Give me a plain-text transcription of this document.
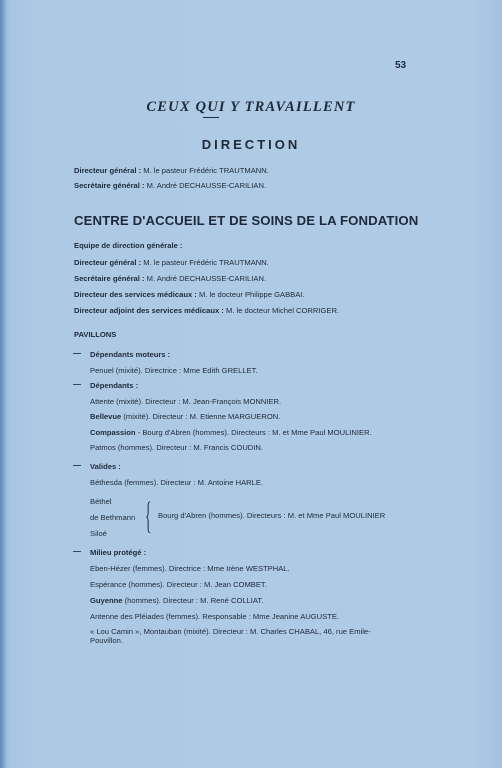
53
CEUX QUI Y TRAVAILLENT
DIRECTION
Directeur général : M. le pasteur Frédéric TRAUTMANN.
Secrétaire général : M. André DECHAUSSE-CARILIAN.
CENTRE D'ACCUEIL ET DE SOINS DE LA FONDATION
Equipe de direction générale :
Directeur général : M. le pasteur Frédéric TRAUTMANN.
Secrétaire général : M. André DECHAUSSE-CARILIAN.
Directeur des services médicaux : M. le docteur Philippe GABBAI.
Directeur adjoint des services médicaux : M. le docteur Michel CORRIGER.
PAVILLONS
— Dépendants moteurs :
Penuel (mixité). Directrice : Mme Edith GRELLET.
— Dépendants :
Attente (mixité). Directeur : M. Jean-François MONNIER.
Bellevue (mixité). Directeur : M. Etienne MARGUERON.
Compassion - Bourg d'Abren (hommes). Directeurs : M. et Mme Paul MOULINIER.
Patmos (hommes). Directeur : M. Francis COUDIN.
— Valides :
Béthesda (femmes). Directeur : M. Antoine HARLE.
Béthel
de Bethmann
Siloé { Bourg d'Abren (hommes). Directeurs : M. et Mme Paul MOULINIER
— Milieu protégé :
Eben-Hézer (femmes). Directrice : Mme Irène WESTPHAL.
Espérance (hommes). Directeur : M. Jean COMBET.
Guyenne (hommes). Directeur : M. René COLLIAT.
Antenne des Pléiades (femmes). Responsable : Mme Jeanine AUGUSTE.
« Lou Camin », Montauban (mixité). Directeur : M. Charles CHABAL, 46, rue Emile-
Pouvillon.
